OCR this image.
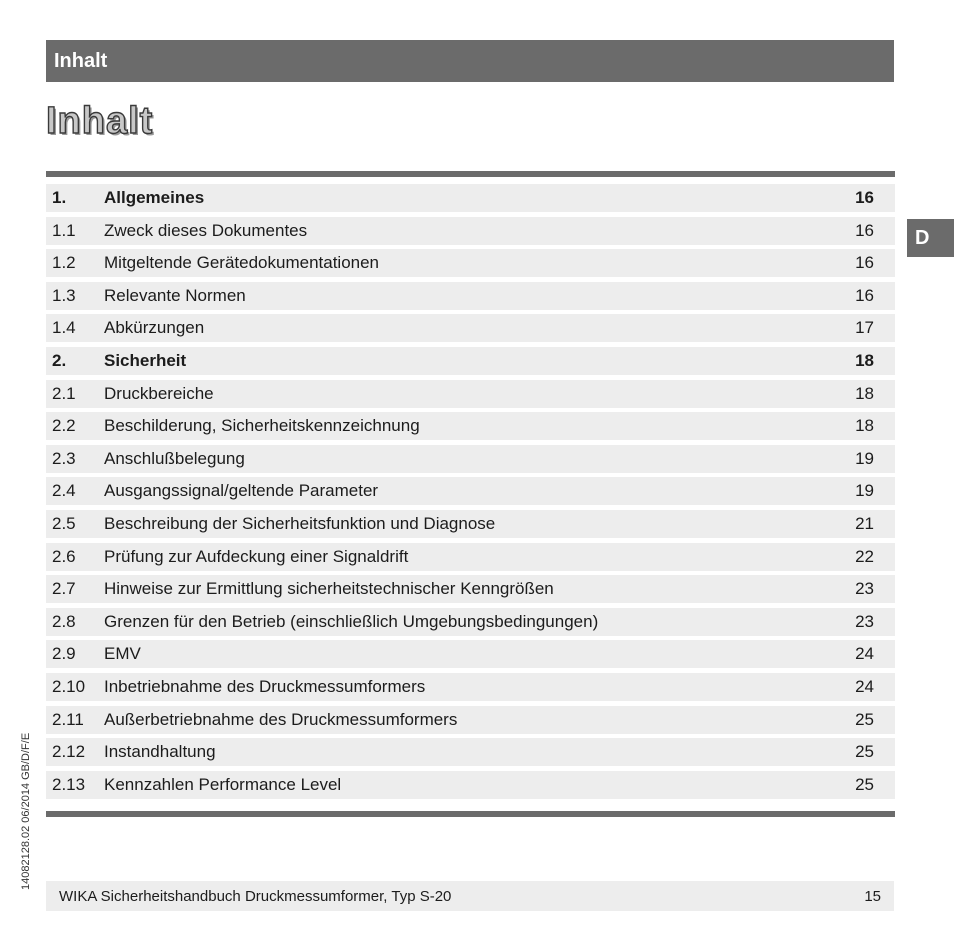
Inhalt
Inhalt
1.	Allgemeines	16
1.1	Zweck dieses Dokumentes	16
1.2	Mitgeltende Gerätedokumentationen	16
1.3	Relevante Normen	16
1.4	Abkürzungen	17
2.	Sicherheit	18
2.1	Druckbereiche	18
2.2	Beschilderung, Sicherheitskennzeichnung	18
2.3	Anschlußbelegung	19
2.4	Ausgangssignal/geltende Parameter	19
2.5	Beschreibung der Sicherheitsfunktion und Diagnose	21
2.6	Prüfung zur Aufdeckung einer Signaldrift	22
2.7	Hinweise zur Ermittlung sicherheitstechnischer Kenngrößen	23
2.8	Grenzen für den Betrieb (einschließlich Umgebungsbedingungen)	23
2.9	EMV	24
2.10	Inbetriebnahme des Druckmessumformers	24
2.11	Außerbetriebnahme des Druckmessumformers	25
2.12	Instandhaltung	25
2.13	Kennzahlen Performance Level	25
D
14082128.02 06/2014 GB/D/F/E
WIKA Sicherheitshandbuch Druckmessumformer, Typ S-20	15
